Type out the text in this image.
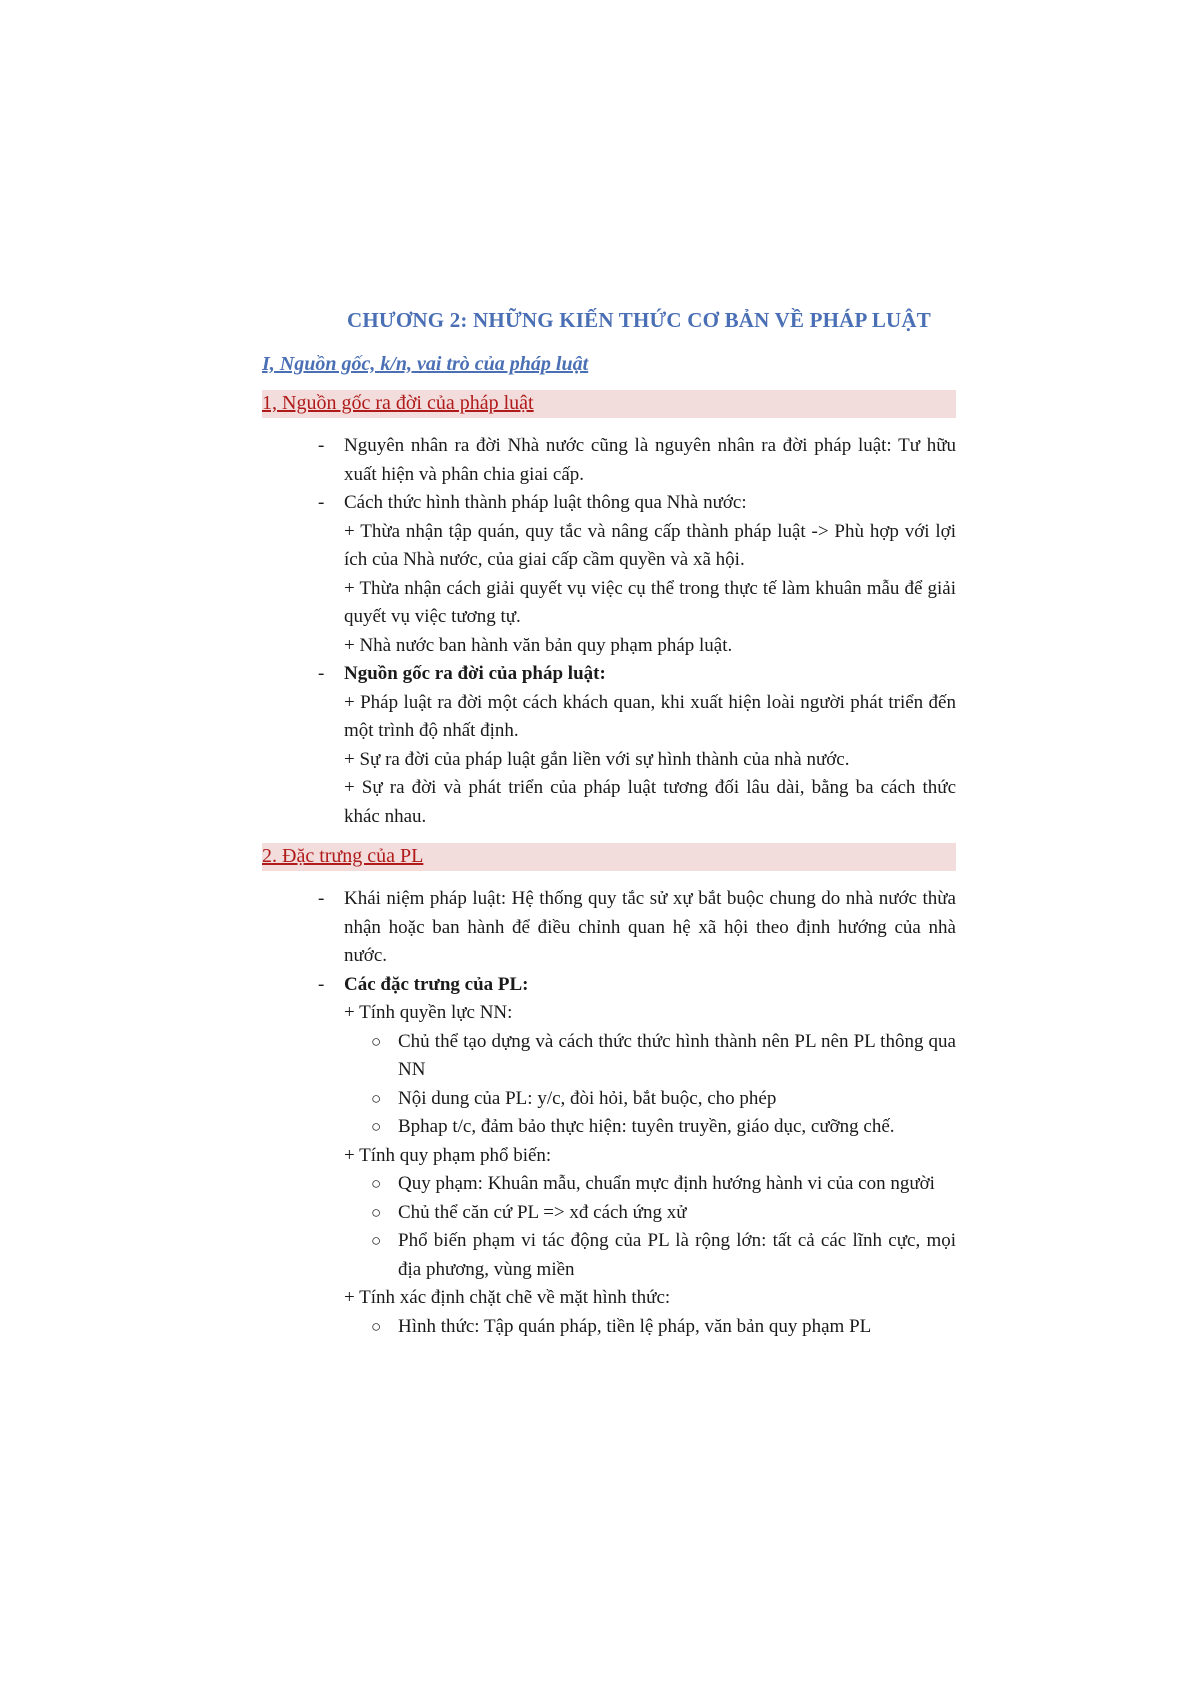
CHƯƠNG 2: NHỮNG KIẾN THỨC CƠ BẢN VỀ PHÁP LUẬT
I, Nguồn gốc, k/n, vai trò của pháp luật
1, Nguồn gốc ra đời của pháp luật
- Nguyên nhân ra đời Nhà nước cũng là nguyên nhân ra đời pháp luật: Tư hữu xuất hiện và phân chia giai cấp.
- Cách thức hình thành pháp luật thông qua Nhà nước:
+ Thừa nhận tập quán, quy tắc và nâng cấp thành pháp luật -> Phù hợp với lợi ích của Nhà nước, của giai cấp cầm quyền và xã hội.
+ Thừa nhận cách giải quyết vụ việc cụ thể trong thực tế làm khuân mẫu để giải quyết vụ việc tương tự.
+ Nhà nước ban hành văn bản quy phạm pháp luật.
- Nguồn gốc ra đời của pháp luật:
+ Pháp luật ra đời một cách khách quan, khi xuất hiện loài người phát triển đến một trình độ nhất định.
+ Sự ra đời của pháp luật gắn liền với sự hình thành của nhà nước.
+ Sự ra đời và phát triển của pháp luật tương đối lâu dài, bằng ba cách thức khác nhau.
2. Đặc trưng của PL
- Khái niệm pháp luật: Hệ thống quy tắc sử xự bắt buộc chung do nhà nước thừa nhận hoặc ban hành để điều chỉnh quan hệ xã hội theo định hướng của nhà nước.
- Các đặc trưng của PL:
+ Tính quyền lực NN:
○ Chủ thể tạo dựng và cách thức thức hình thành nên PL nên PL thông qua NN
○ Nội dung của PL: y/c, đòi hỏi, bắt buộc, cho phép
○ Bphap t/c, đảm bảo thực hiện: tuyên truyền, giáo dục, cưỡng chế.
+ Tính quy phạm phổ biến:
○ Quy phạm: Khuân mẫu, chuẩn mực định hướng hành vi của con người
○ Chủ thể căn cứ PL => xđ cách ứng xử
○ Phổ biến phạm vi tác động của PL là rộng lớn: tất cả các lĩnh cực, mọi địa phương, vùng miền
+ Tính xác định chặt chẽ về mặt hình thức:
○ Hình thức: Tập quán pháp, tiền lệ pháp, văn bản quy phạm PL
